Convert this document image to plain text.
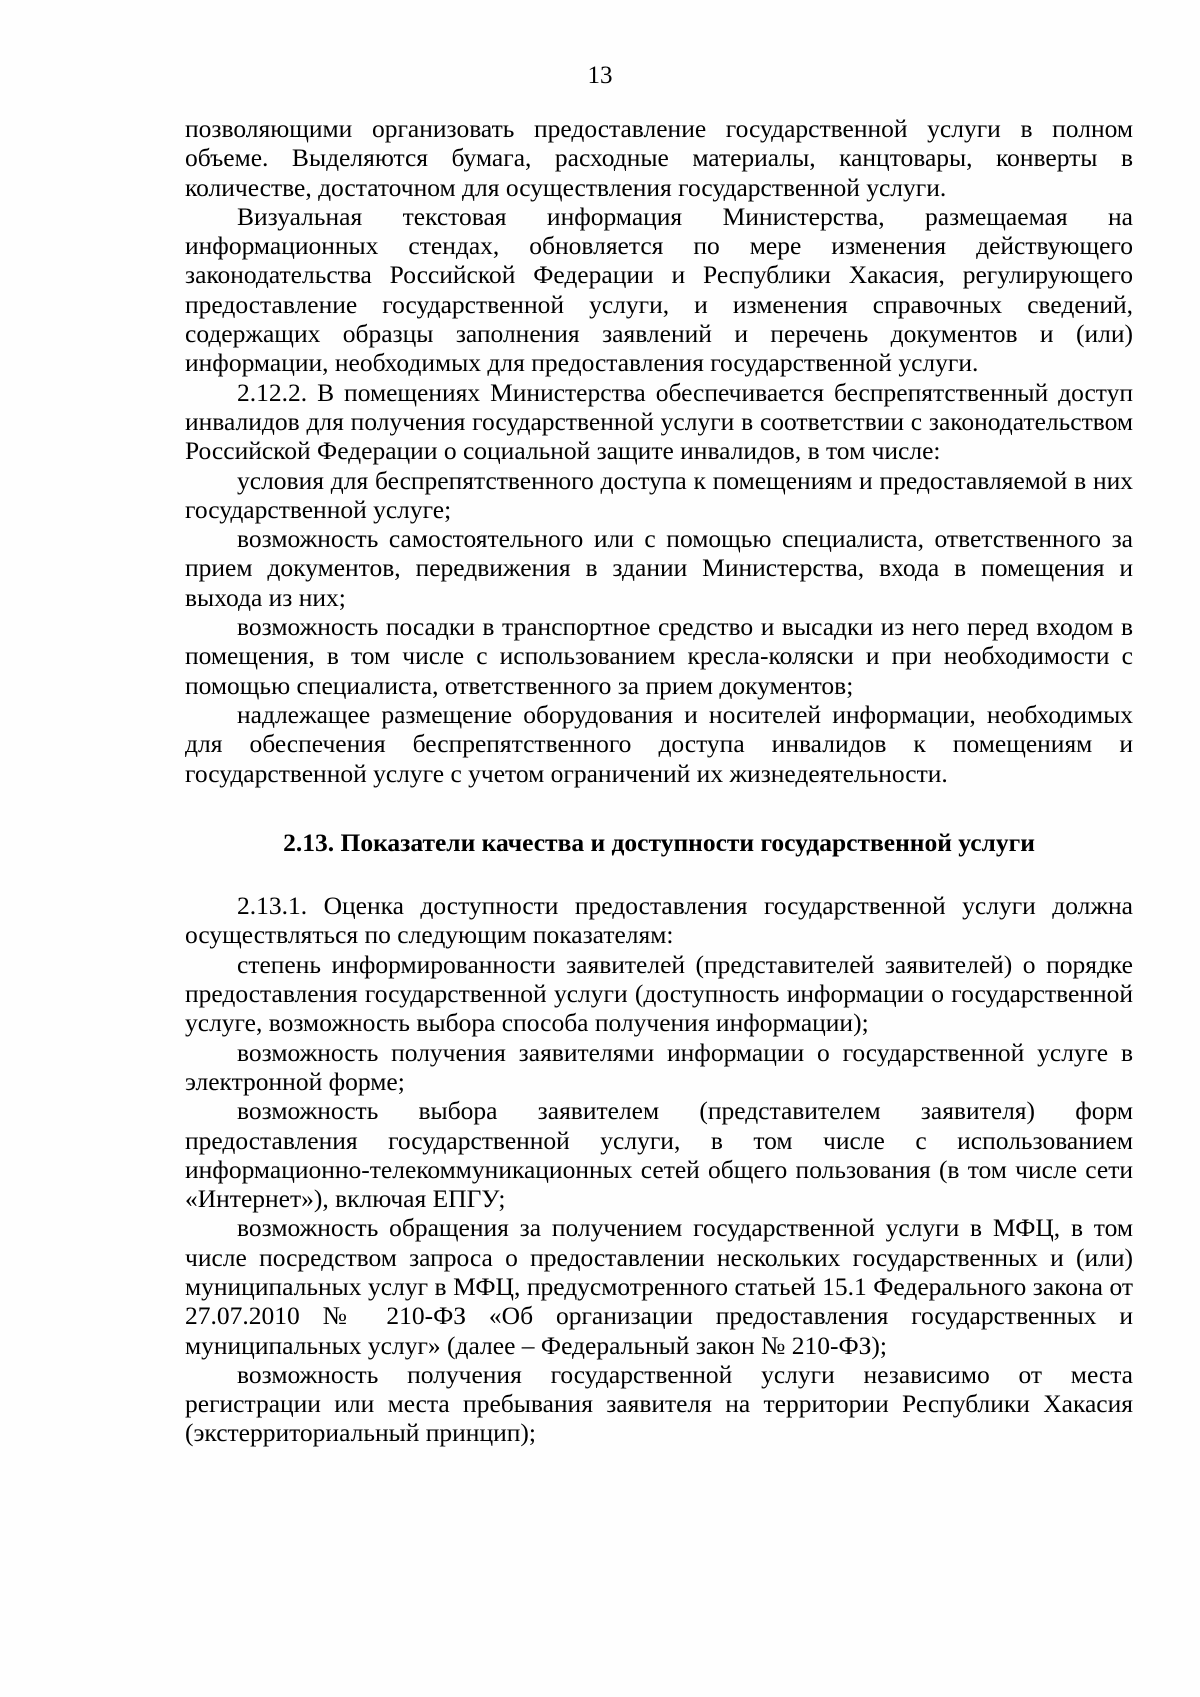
13

позволяющими организовать предоставление государственной услуги в полном объеме. Выделяются бумага, расходные материалы, канцтовары, конверты в количестве, достаточном для осуществления государственной услуги.

Визуальная текстовая информация Министерства, размещаемая на информационных стендах, обновляется по мере изменения действующего законодательства Российской Федерации и Республики Хакасия, регулирующего предоставление государственной услуги, и изменения справочных сведений, содержащих образцы заполнения заявлений и перечень документов и (или) информации, необходимых для предоставления государственной услуги.

2.12.2. В помещениях Министерства обеспечивается беспрепятственный доступ инвалидов для получения государственной услуги в соответствии с законодательством Российской Федерации о социальной защите инвалидов, в том числе:

условия для беспрепятственного доступа к помещениям и предоставляемой в них государственной услуге;

возможность самостоятельного или с помощью специалиста, ответственного за прием документов, передвижения в здании Министерства, входа в помещения и выхода из них;

возможность посадки в транспортное средство и высадки из него перед входом в помещения, в том числе с использованием кресла-коляски и при необходимости с помощью специалиста, ответственного за прием документов;

надлежащее размещение оборудования и носителей информации, необходимых для обеспечения беспрепятственного доступа инвалидов к помещениям и государственной услуге с учетом ограничений их жизнедеятельности.

2.13. Показатели качества и доступности государственной услуги

2.13.1. Оценка доступности предоставления государственной услуги должна осуществляться по следующим показателям:

степень информированности заявителей (представителей заявителей) о порядке предоставления государственной услуги (доступность информации о государственной услуге, возможность выбора способа получения информации);

возможность получения заявителями информации о государственной услуге в электронной форме;

возможность выбора заявителем (представителем заявителя) форм предоставления государственной услуги, в том числе с использованием информационно-телекоммуникационных сетей общего пользования (в том числе сети «Интернет»), включая ЕПГУ;

возможность обращения за получением государственной услуги в МФЦ, в том числе посредством запроса о предоставлении нескольких государственных и (или) муниципальных услуг в МФЦ, предусмотренного статьей 15.1 Федерального закона от 27.07.2010 № 210-ФЗ «Об организации предоставления государственных и муниципальных услуг» (далее – Федеральный закон № 210-ФЗ);

возможность получения государственной услуги независимо от места регистрации или места пребывания заявителя на территории Республики Хакасия (экстерриториальный принцип);
